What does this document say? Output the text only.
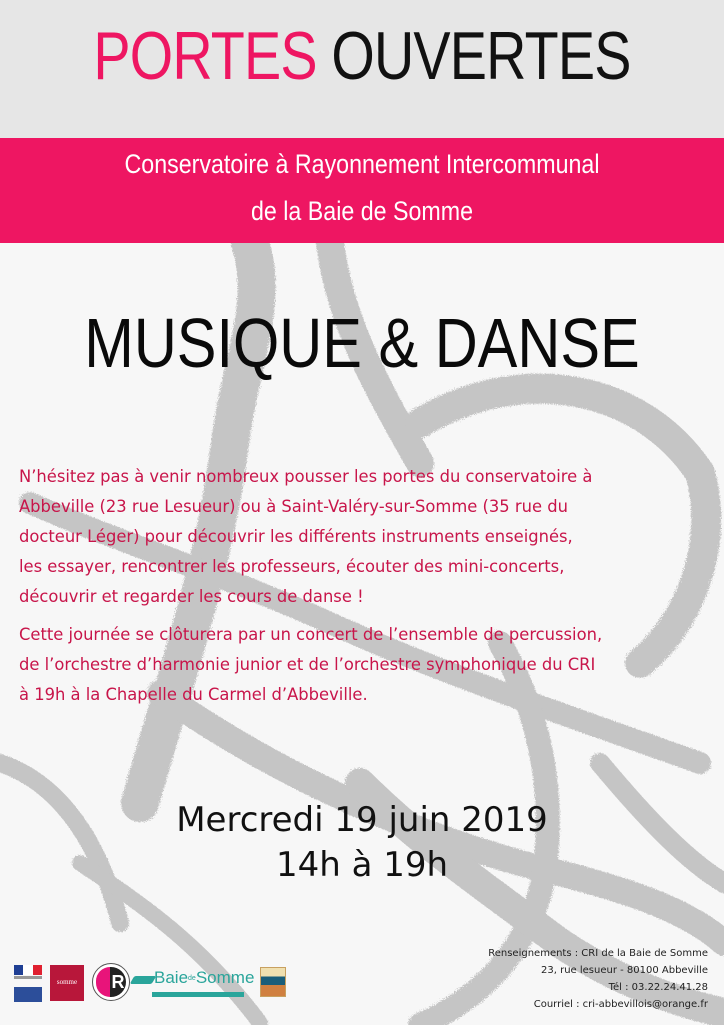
PORTES OUVERTES
Conservatoire à Rayonnement Intercommunal
de la Baie de Somme
MUSIQUE & DANSE
N’hésitez pas à venir nombreux pousser les portes du conservatoire à
Abbeville (23 rue Lesueur) ou à Saint-Valéry-sur-Somme (35 rue du
docteur Léger) pour découvrir les différents instruments enseignés,
les essayer, rencontrer les professeurs, écouter des mini-concerts,
découvrir et regarder les cours de danse !
Cette journée se clôturera par un concert de l’ensemble de percussion,
de l’orchestre d’harmonie junior et de l’orchestre symphonique du CRI
à 19h à la Chapelle du Carmel d’Abbeville.
Mercredi 19 juin 2019
14h à 19h
somme	R BaiedeSomme
Renseignements : CRI de la Baie de Somme
23, rue lesueur - 80100 Abbeville
Tél : 03.22.24.41.28
Courriel : cri-abbevillois@orange.fr
